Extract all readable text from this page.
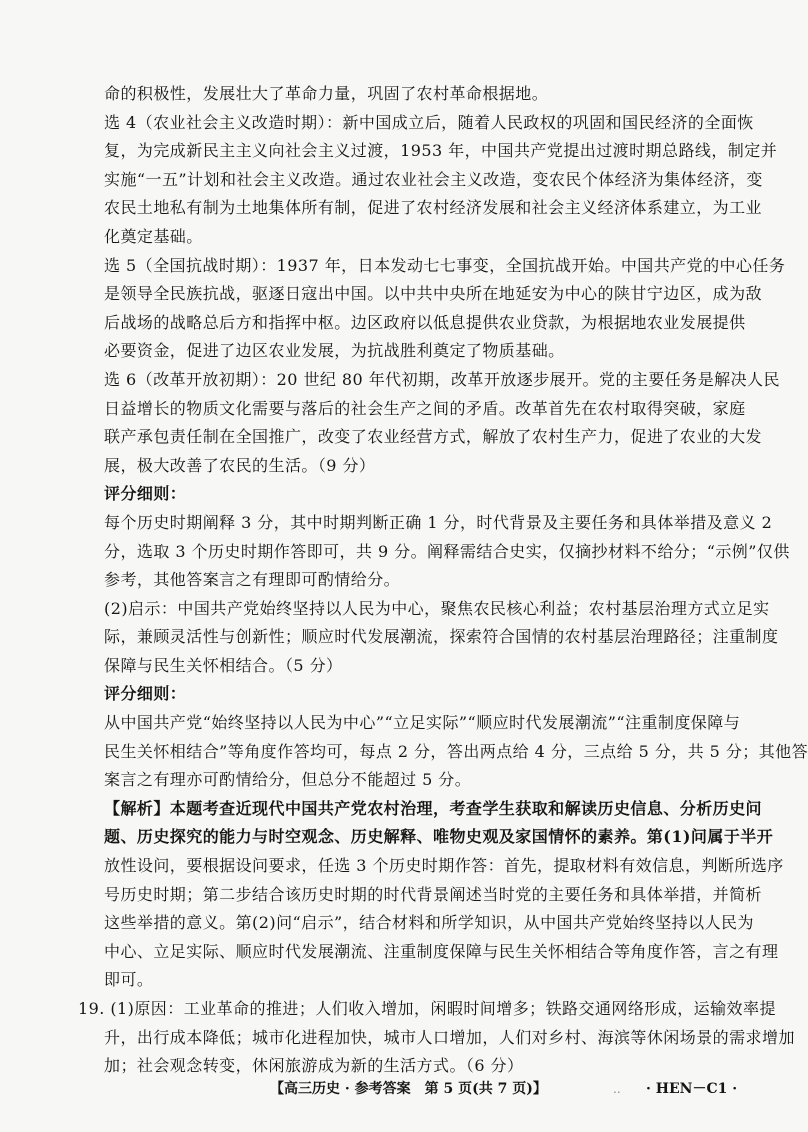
命的积极性，发展壮大了革命力量，巩固了农村革命根据地。
选 4（农业社会主义改造时期）：新中国成立后，随着人民政权的巩固和国民经济的全面恢
复，为完成新民主主义向社会主义过渡，1953 年，中国共产党提出过渡时期总路线，制定并
实施“一五”计划和社会主义改造。通过农业社会主义改造，变农民个体经济为集体经济，变
农民土地私有制为土地集体所有制，促进了农村经济发展和社会主义经济体系建立，为工业
化奠定基础。
选 5（全国抗战时期）：1937 年，日本发动七七事变，全国抗战开始。中国共产党的中心任务
是领导全民族抗战，驱逐日寇出中国。以中共中央所在地延安为中心的陕甘宁边区，成为敌
后战场的战略总后方和指挥中枢。边区政府以低息提供农业贷款，为根据地农业发展提供
必要资金，促进了边区农业发展，为抗战胜利奠定了物质基础。
选 6（改革开放初期）：20 世纪 80 年代初期，改革开放逐步展开。党的主要任务是解决人民
日益增长的物质文化需要与落后的社会生产之间的矛盾。改革首先在农村取得突破，家庭
联产承包责任制在全国推广，改变了农业经营方式，解放了农村生产力，促进了农业的大发
展，极大改善了农民的生活。（9 分）
评分细则：
每个历史时期阐释 3 分，其中时期判断正确 1 分，时代背景及主要任务和具体举措及意义 2
分，选取 3 个历史时期作答即可，共 9 分。阐释需结合史实，仅摘抄材料不给分；“示例”仅供
参考，其他答案言之有理即可酌情给分。
(2)启示：中国共产党始终坚持以人民为中心，聚焦农民核心利益；农村基层治理方式立足实
际，兼顾灵活性与创新性；顺应时代发展潮流，探索符合国情的农村基层治理路径；注重制度
保障与民生关怀相结合。（5 分）
评分细则：
从中国共产党“始终坚持以人民为中心”“立足实际”“顺应时代发展潮流”“注重制度保障与
民生关怀相结合”等角度作答均可，每点 2 分，答出两点给 4 分，三点给 5 分，共 5 分；其他答
案言之有理亦可酌情给分，但总分不能超过 5 分。
【解析】本题考查近现代中国共产党农村治理，考查学生获取和解读历史信息、分析历史问
题、历史探究的能力与时空观念、历史解释、唯物史观及家国情怀的素养。第(1)问属于半开
放性设问，要根据设问要求，任选 3 个历史时期作答：首先，提取材料有效信息，判断所选序
号历史时期；第二步结合该历史时期的时代背景阐述当时党的主要任务和具体举措，并简析
这些举措的意义。第(2)问“启示”，结合材料和所学知识，从中国共产党始终坚持以人民为
中心、立足实际、顺应时代发展潮流、注重制度保障与民生关怀相结合等角度作答，言之有理
即可。
19. (1)原因：工业革命的推进；人们收入增加，闲暇时间增多；铁路交通网络形成，运输效率提
升，出行成本降低；城市化进程加快，城市人口增加，人们对乡村、海滨等休闲场景的需求增加
加；社会观念转变，休闲旅游成为新的生活方式。（6 分）
【高三历史 · 参考答案　第 5 页(共 7 页)】	.. · HEN－C1 ·
